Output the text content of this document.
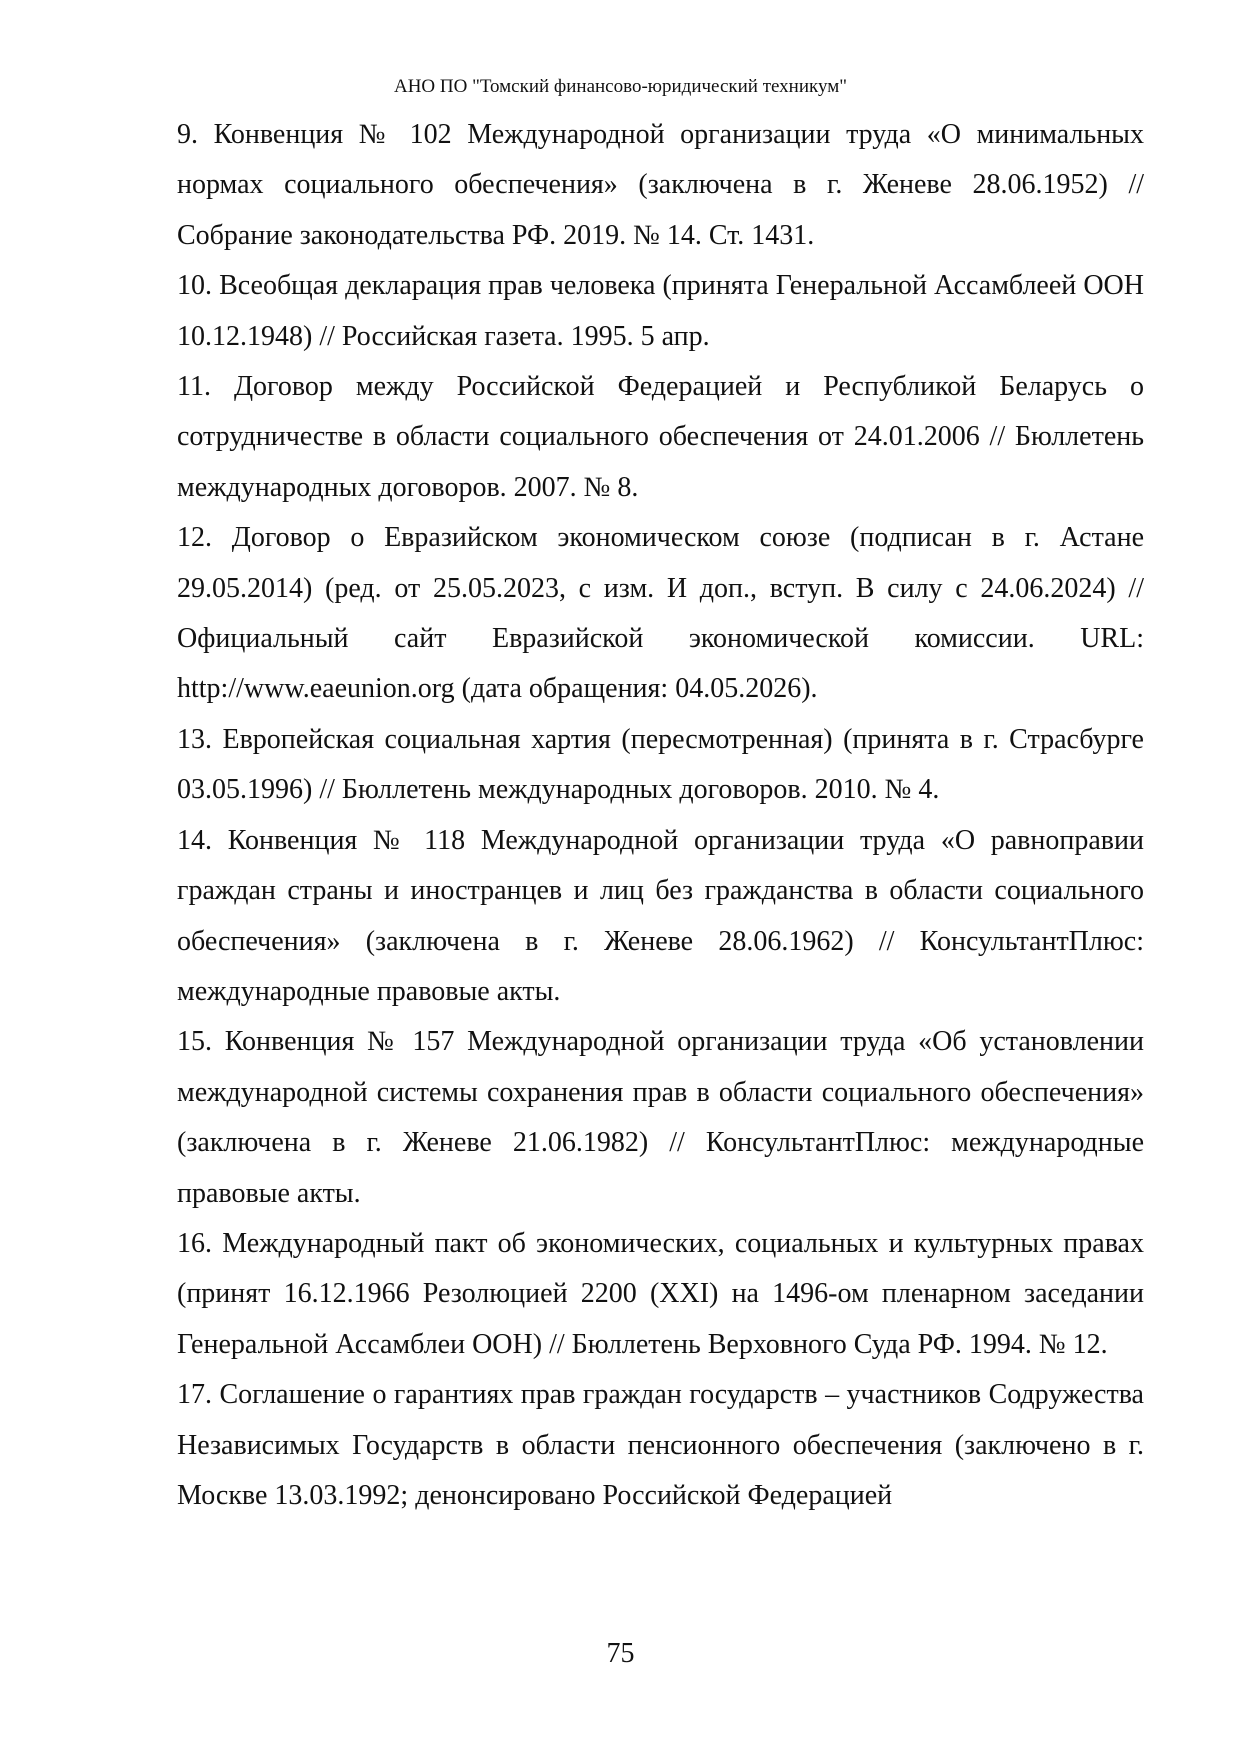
АНО ПО "Томский финансово-юридический техникум"

9. Конвенция № 102 Международной организации труда «О минимальных нормах социального обеспечения» (заключена в г. Женеве 28.06.1952) // Собрание законодательства РФ. 2019. № 14. Ст. 1431.

10. Всеобщая декларация прав человека (принята Генеральной Ассамблеей ООН 10.12.1948) // Российская газета. 1995. 5 апр.

11. Договор между Российской Федерацией и Республикой Беларусь о сотрудничестве в области социального обеспечения от 24.01.2006 // Бюллетень международных договоров. 2007. № 8.

12. Договор о Евразийском экономическом союзе (подписан в г. Астане 29.05.2014) (ред. от 25.05.2023, с изм. И доп., вступ. В силу с 24.06.2024) // Официальный сайт Евразийской экономической комиссии. URL: http://www.eaeunion.org (дата обращения: 04.05.2026).

13. Европейская социальная хартия (пересмотренная) (принята в г. Страсбурге 03.05.1996) // Бюллетень международных договоров. 2010. № 4.

14. Конвенция № 118 Международной организации труда «О равноправии граждан страны и иностранцев и лиц без гражданства в области социального обеспечения» (заключена в г. Женеве 28.06.1962) // КонсультантПлюс: международные правовые акты.

15. Конвенция № 157 Международной организации труда «Об установлении международной системы сохранения прав в области социального обеспечения» (заключена в г. Женеве 21.06.1982) // КонсультантПлюс: международные правовые акты.

16. Международный пакт об экономических, социальных и культурных правах (принят 16.12.1966 Резолюцией 2200 (XXI) на 1496-ом пленарном заседании Генеральной Ассамблеи ООН) // Бюллетень Верховного Суда РФ. 1994. № 12.

17. Соглашение о гарантиях прав граждан государств – участников Содружества Независимых Государств в области пенсионного обеспечения (заключено в г. Москве 13.03.1992; денонсировано Российской Федерацией

75
